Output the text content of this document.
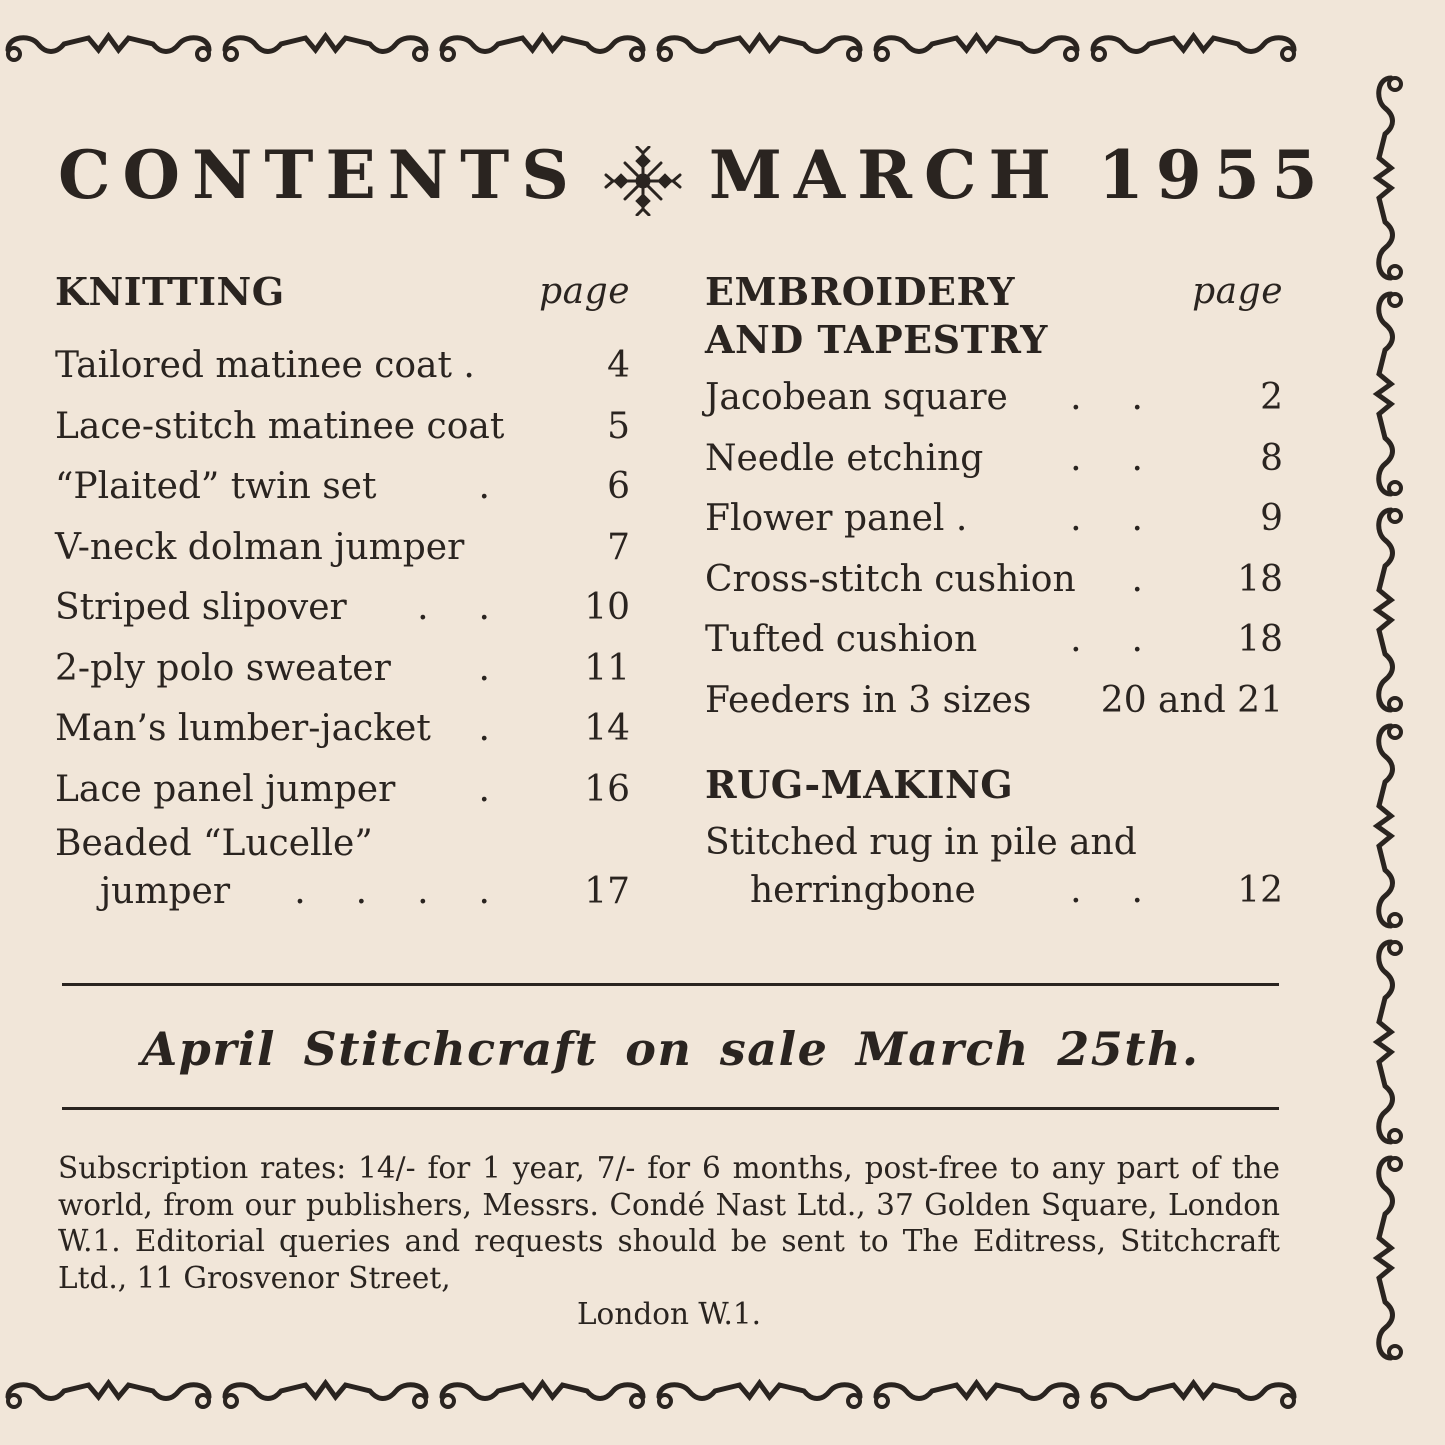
CONTENTS MARCH 1955
KNITTING	page
Tailored matinee coat .	4
Lace-stitch matinee coat	5
“Plaited” twin set	. 6
V-neck dolman jumper	7
Striped slipover .. 10
2-ply polo sweater . 11
Man’s lumber-jacket . 14
Lace panel jumper . 16
Beaded “Lucelle”
jumper .... 17
EMBROIDERY	page
AND TAPESTRY
Jacobean square .. 2
Needle etching .. 8
Flower panel .	.. 9
Cross-stitch cushion . 18
Tufted cushion	.. 18
Feeders in 3 sizes 20 and 21
RUG-MAKING
Stitched rug in pile and
herringbone	.. 12
April Stitchcraft on sale March 25th.
Subscription rates: 14/- for 1 year, 7/- for 6 months, post-free to any part of the world, from our publishers, Messrs. Condé Nast Ltd., 37 Golden Square, London W.1. Editorial queries and requests should be sent to The Editress, Stitchcraft Ltd., 11 Grosvenor Street,
London W.1.
